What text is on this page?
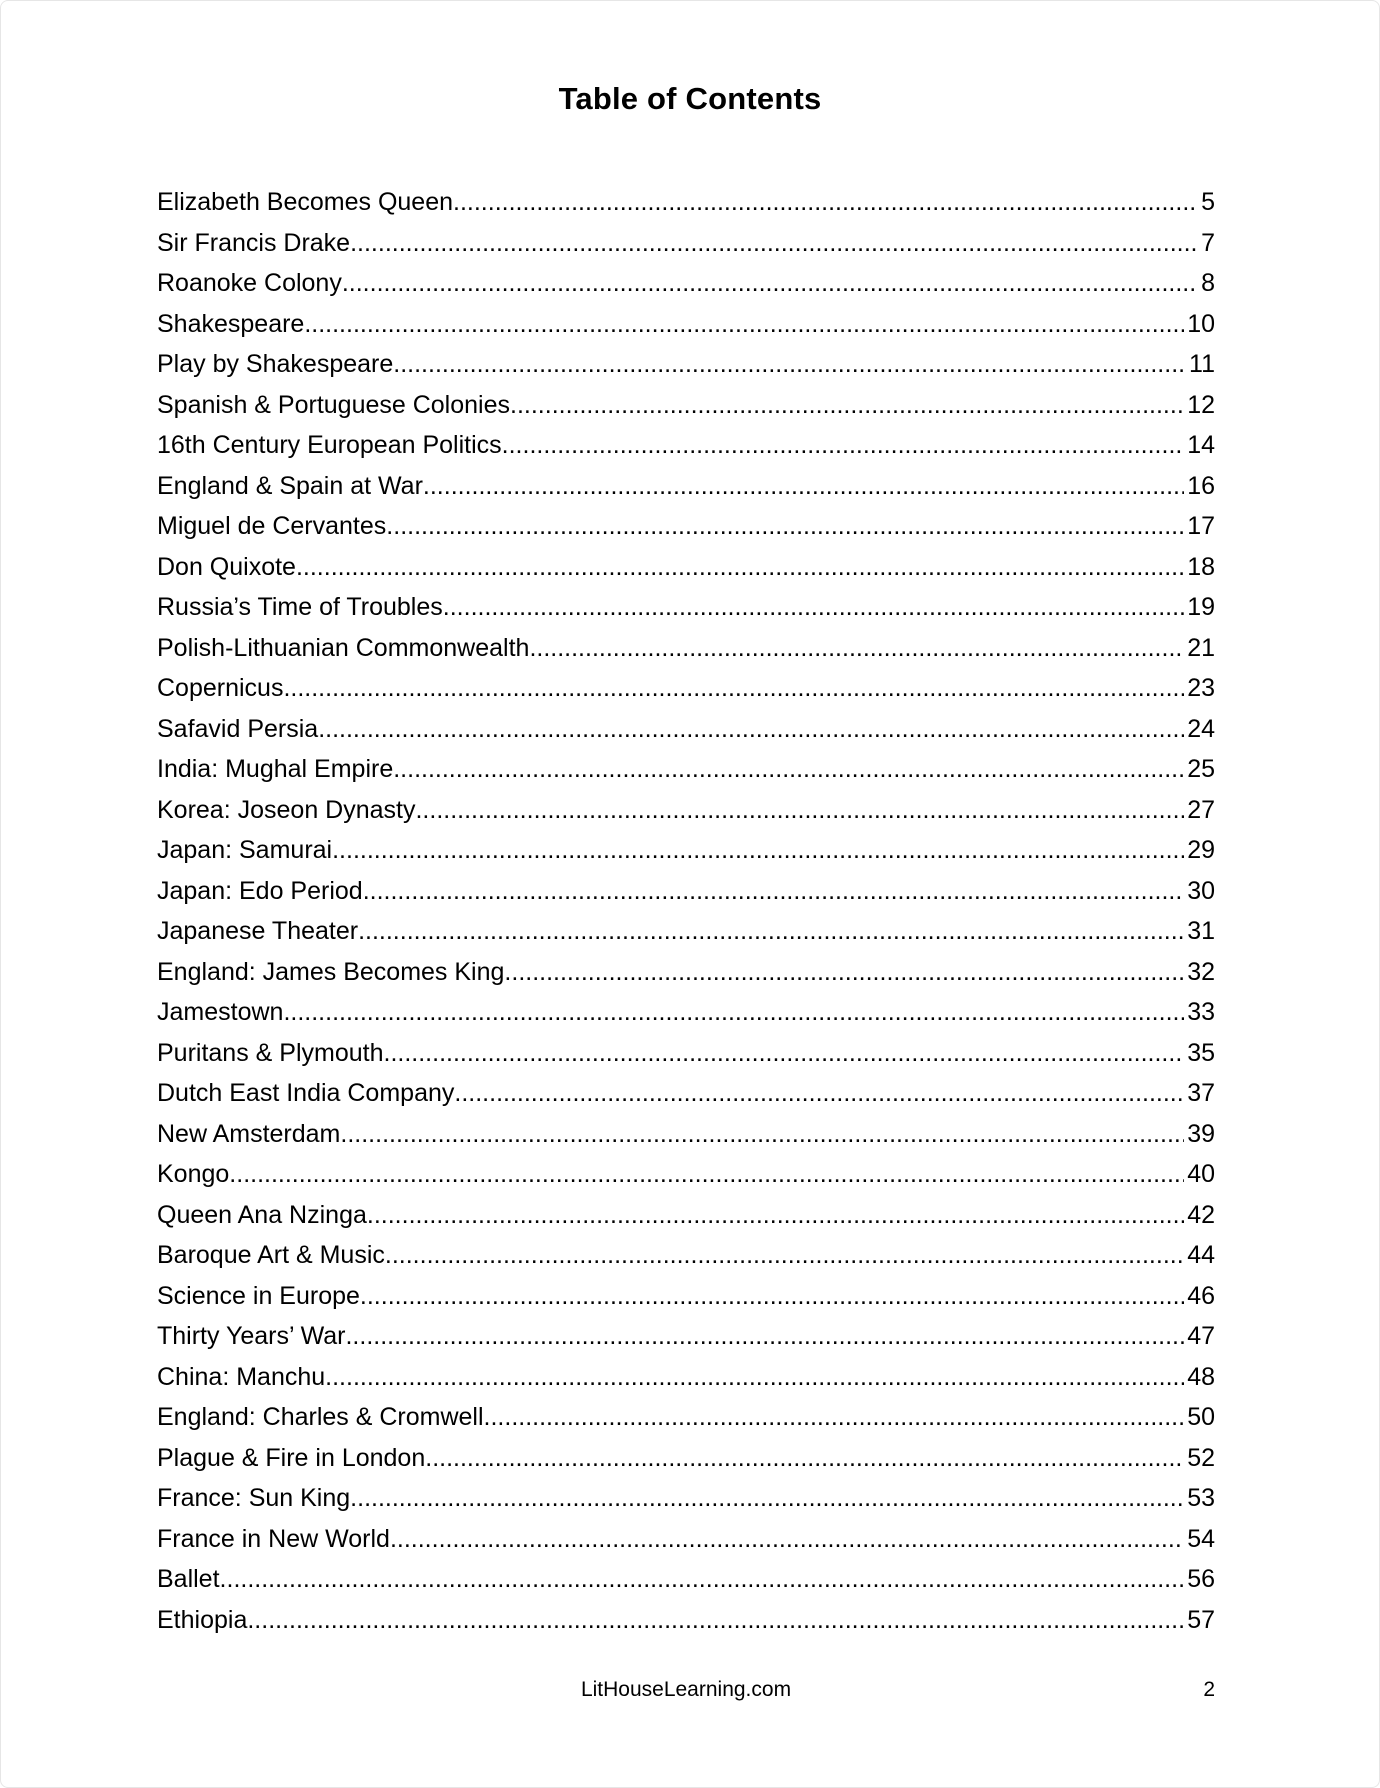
Table of Contents
Elizabeth Becomes Queen .....	5
Sir Francis Drake .....	7
Roanoke Colony .....	8
Shakespeare .....	10
Play by Shakespeare .....	11
Spanish & Portuguese Colonies .....	12
16th Century European Politics .....	14
England & Spain at War .....	16
Miguel de Cervantes .....	17
Don Quixote .....	18
Russia’s Time of Troubles .....	19
Polish-Lithuanian Commonwealth .....	21
Copernicus .....	23
Safavid Persia .....	24
India: Mughal Empire .....	25
Korea: Joseon Dynasty .....	27
Japan: Samurai .....	29
Japan: Edo Period .....	30
Japanese Theater .....	31
England: James Becomes King .....	32
Jamestown .....	33
Puritans & Plymouth .....	35
Dutch East India Company .....	37
New Amsterdam .....	39
Kongo .....	40
Queen Ana Nzinga .....	42
Baroque Art & Music .....	44
Science in Europe .....	46
Thirty Years’ War .....	47
China: Manchu .....	48
England: Charles & Cromwell .....	50
Plague & Fire in London .....	52
France: Sun King .....	53
France in New World .....	54
Ballet .....	56
Ethiopia .....	57
LitHouseLearning.com	2
